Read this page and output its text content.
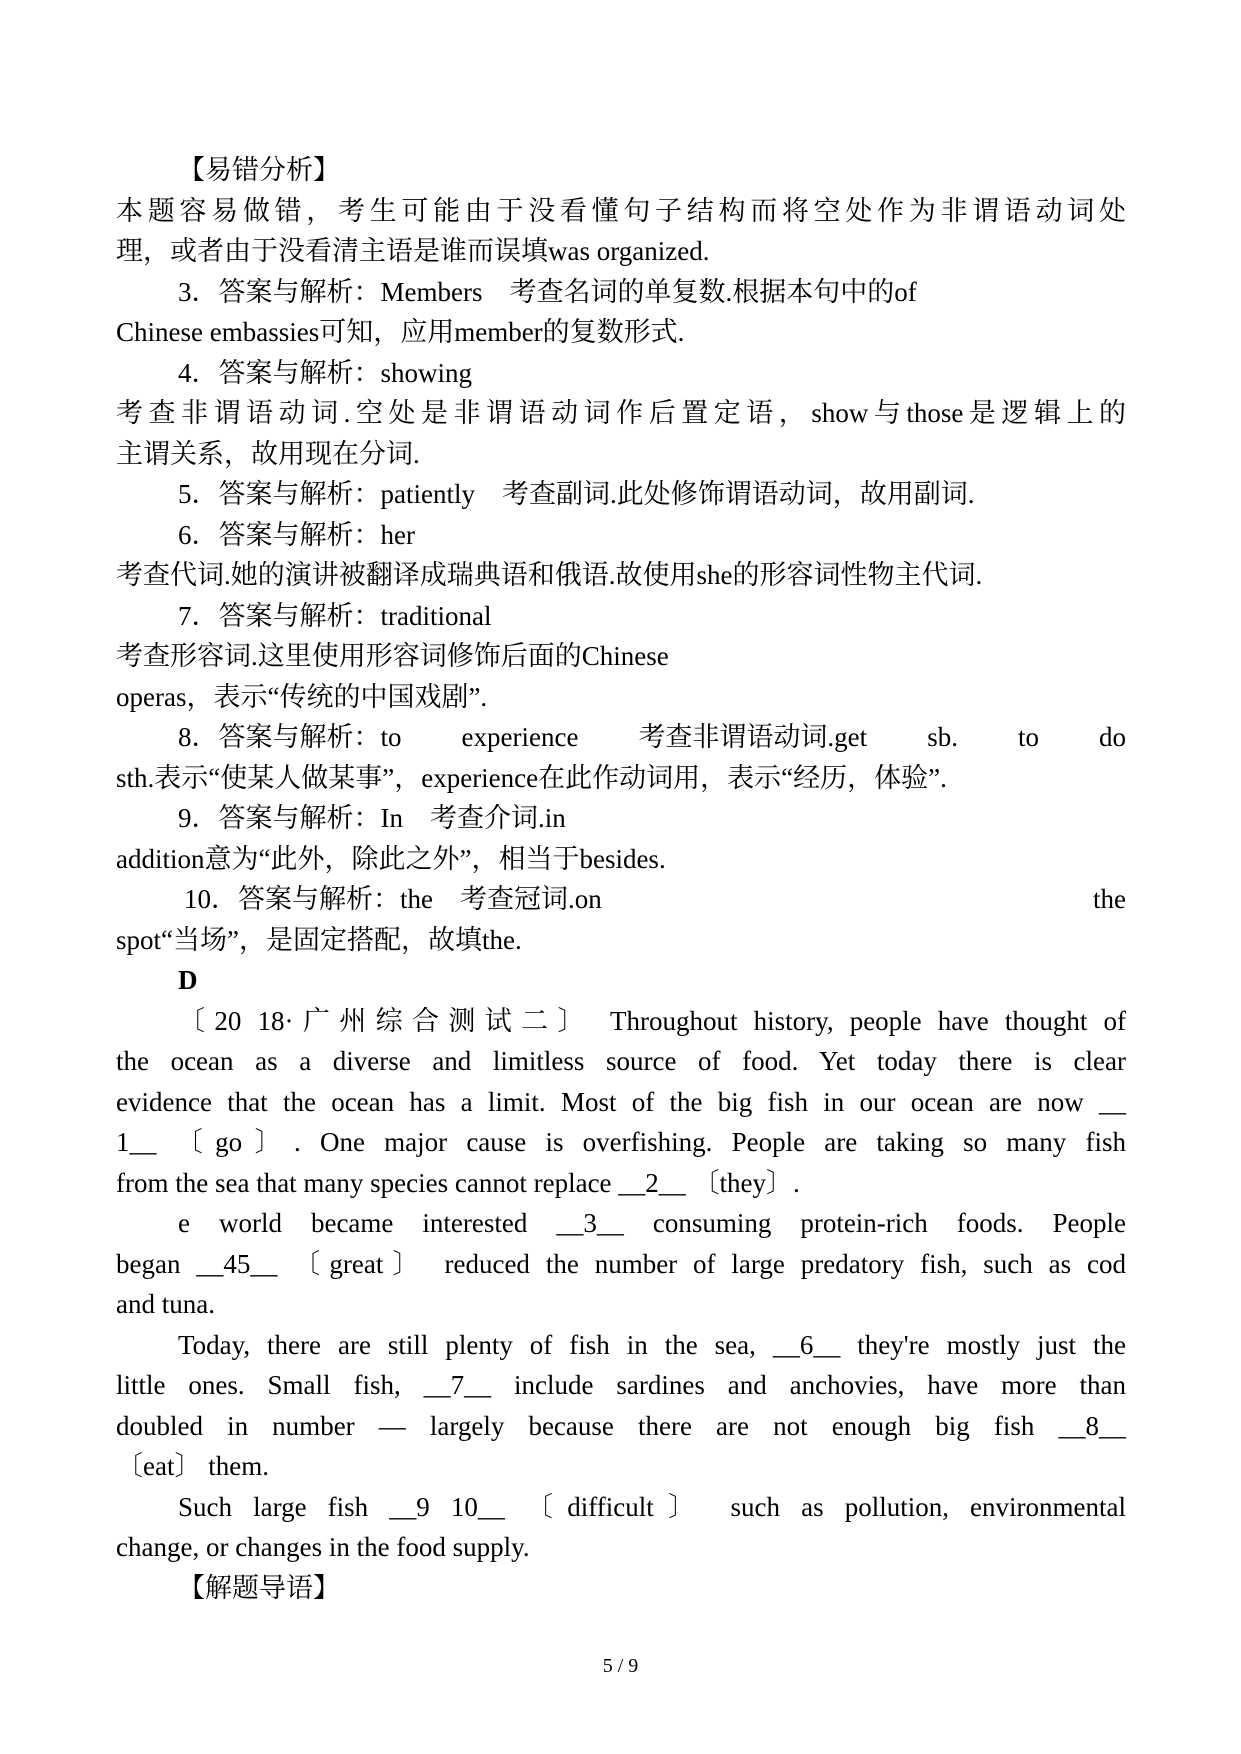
【易错分析】
本题容易做错，考生可能由于没看懂句子结构而将空处作为非谓语动词处
理，或者由于没看清主语是谁而误填was organized.
3．答案与解析：Members　考查名词的单复数.根据本句中的of
Chinese embassies可知，应用member的复数形式.
4．答案与解析：showing
考查非谓语动词.空处是非谓语动词作后置定语，show与those是逻辑上的
主谓关系，故用现在分词.
5．答案与解析：patiently　考查副词.此处修饰谓语动词，故用副词.
6．答案与解析：her
考查代词.她的演讲被翻译成瑞典语和俄语.故使用she的形容词性物主代词.
7．答案与解析：traditional
考查形容词.这里使用形容词修饰后面的Chinese
operas，表示“传统的中国戏剧”.
8．答案与解析：to experience 考查非谓语动词.get sb. to do
sth.表示“使某人做某事”，experience在此作动词用，表示“经历，体验”.
9．答案与解析：In　考查介词.in
addition意为“此外，除此之外”，相当于besides.
10．答案与解析：the　考查冠词.on	the
spot“当场”，是固定搭配，故填the.
D
〔20 18·广州综合测试二〕 Throughout history, people have thought of
the ocean as a diverse and limitless source of food. Yet today there is clear
evidence that the ocean has a limit. Most of the big fish in our ocean are now __
1__ 〔go〕. One major cause is overfishing. People are taking so many fish
from the sea that many species cannot replace __2__ 〔they〕.
e world became interested __3__ consuming protein-rich foods. People
began __45__ 〔great〕 reduced the number of large predatory fish, such as cod
and tuna.
Today, there are still plenty of fish in the sea, __6__ they're mostly just the
little ones. Small fish, __7__ include sardines and anchovies, have more than
doubled in number — largely because there are not enough big fish __8__
〔eat〕 them.
Such large fish __9 10__ 〔difficult〕 such as pollution, environmental
change, or changes in the food supply.
【解题导语】
5 / 9
